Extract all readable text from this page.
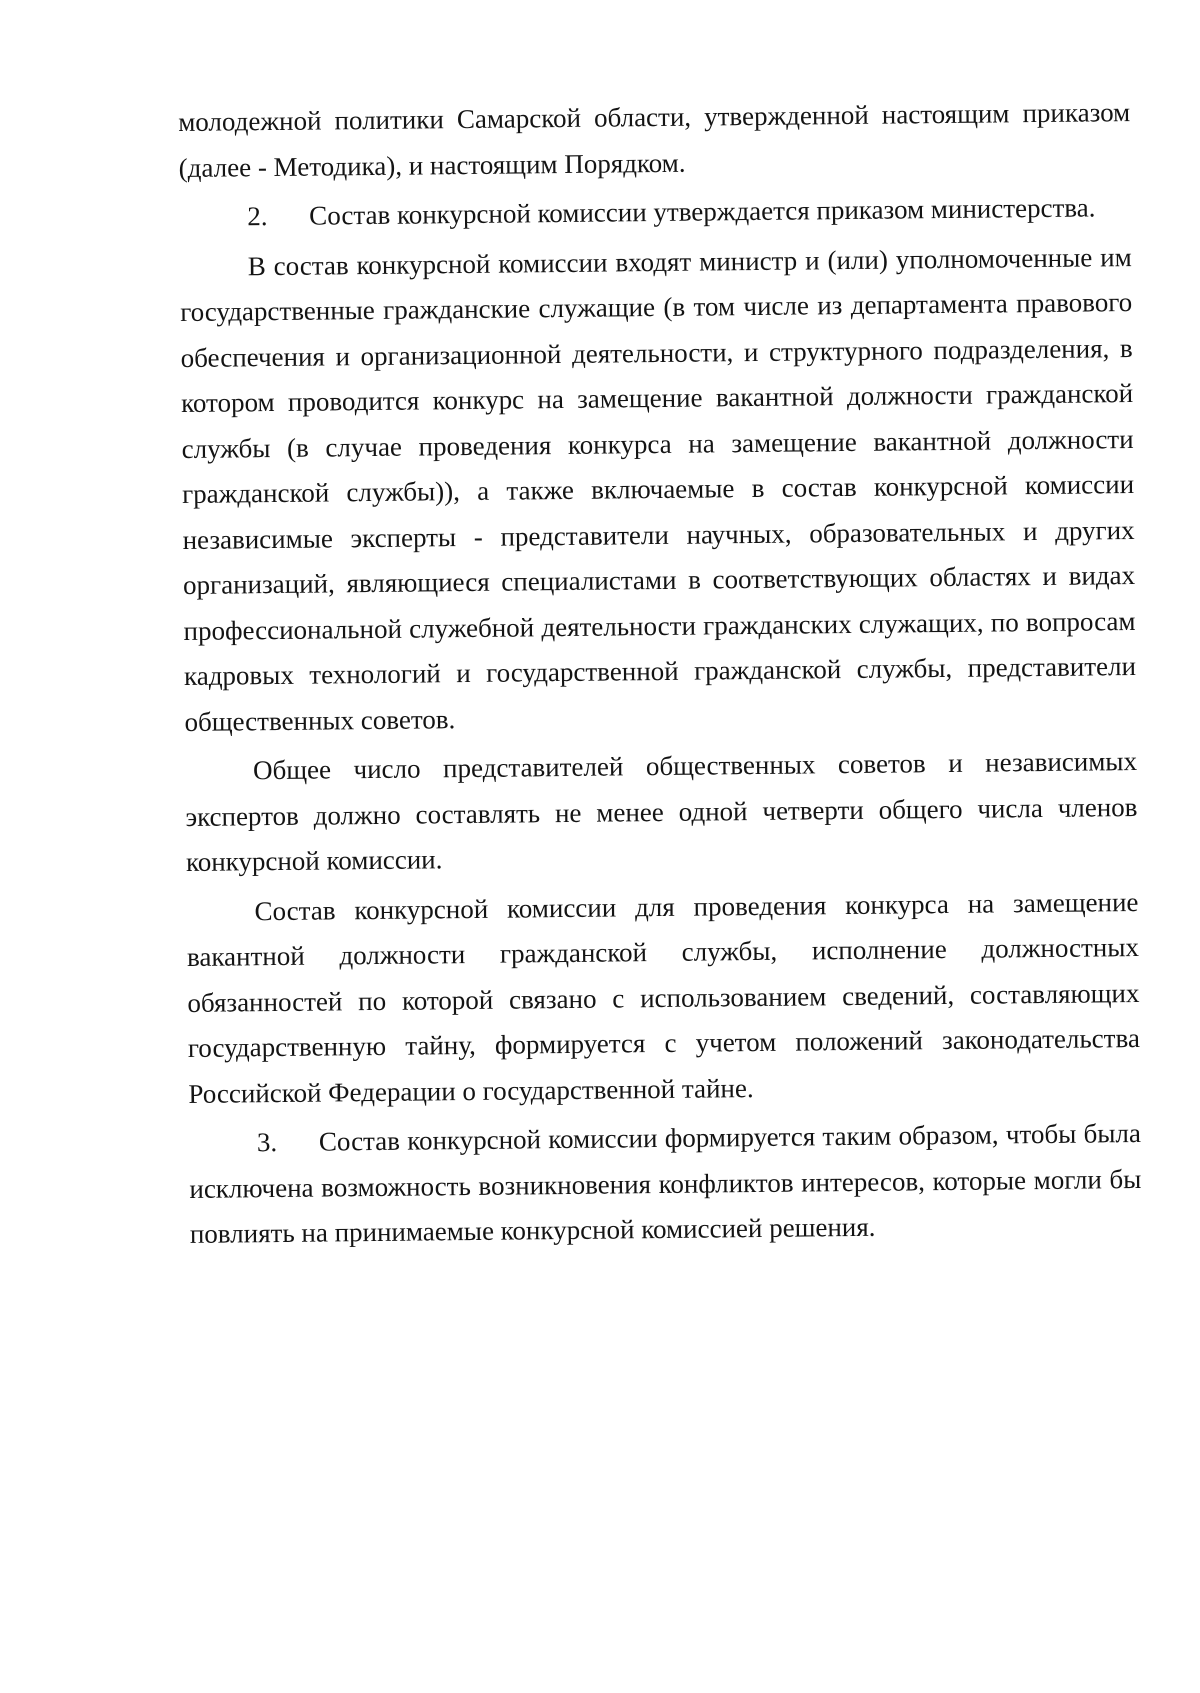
молодежной политики Самарской области, утвержденной настоящим приказом (далее - Методика), и настоящим Порядком.

2. Состав конкурсной комиссии утверждается приказом министерства.

В состав конкурсной комиссии входят министр и (или) уполномоченные им государственные гражданские служащие (в том числе из департамента правового обеспечения и организационной деятельности, и структурного подразделения, в котором проводится конкурс на замещение вакантной должности гражданской службы (в случае проведения конкурса на замещение вакантной должности гражданской службы)), а также включаемые в состав конкурсной комиссии независимые эксперты - представители научных, образовательных и других организаций, являющиеся специалистами в соответствующих областях и видах профессиональной служебной деятельности гражданских служащих, по вопросам кадровых технологий и государственной гражданской службы, представители общественных советов.

Общее число представителей общественных советов и независимых экспертов должно составлять не менее одной четверти общего числа членов конкурсной комиссии.

Состав конкурсной комиссии для проведения конкурса на замещение вакантной должности гражданской службы, исполнение должностных обязанностей по которой связано с использованием сведений, составляющих государственную тайну, формируется с учетом положений законодательства Российской Федерации о государственной тайне.

3. Состав конкурсной комиссии формируется таким образом, чтобы была исключена возможность возникновения конфликтов интересов, которые могли бы повлиять на принимаемые конкурсной комиссией решения.
